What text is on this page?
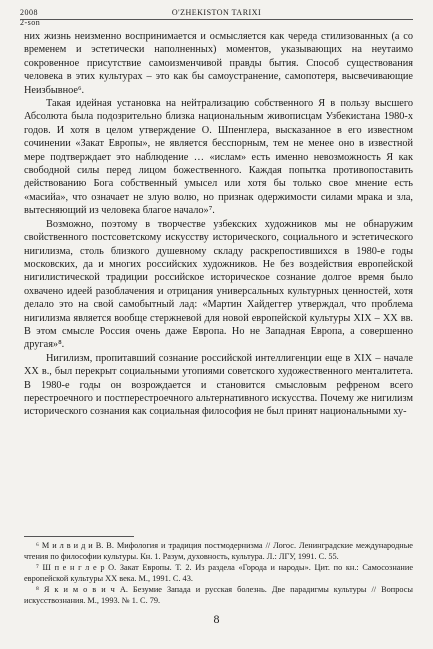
2008
2-son
O'ZHEKISTON TARIXI

них жизнь неизменно воспринимается и осмысляется как череда стилизованных (а со временем и эстетически наполненных) моментов, указывающих на неутаимо сокровенное присутствие самоизменчивой правды бытия. Способ существования человека в этих культурах – это как бы самоустранение, самопотеря, высвечивающие Неизбывное⁶.

Такая идейная установка на нейтрализацию собственного Я в пользу высшего Абсолюта была подозрительно близка национальным живописцам Узбекистана 1980-х годов. И хотя в целом утверждение О. Шпенглера, высказанное в его известном сочинении «Закат Европы», не является бесспорным, тем не менее оно в известной мере подтверждает это наблюдение … «ислам» есть именно невозможность Я как свободной силы перед лицом божественного. Каждая попытка противопоставить действованию Бога собственный умысел или хотя бы только свое мнение есть «масийа», что означает не злую волю, но признак одержимости силами мрака и зла, вытесняющий из человека благое начало»⁷.

Возможно, поэтому в творчестве узбекских художников мы не обнаружим свойственного постсоветскому искусству исторического, социального и эстетического нигилизма, столь близкого душевному складу раскрепостившихся в 1980-е годы московских, да и многих российских художников. Не без воздействия европейской нигилистической традиции российское историческое сознание долгое время было охвачено идеей разоблачения и отрицания универсальных культурных ценностей, хотя делало это на свой самобытный лад: «Мартин Хайдеггер утверждал, что проблема нигилизма является вообще стержневой для новой европейской культуры XIX – XX вв. В этом смысле Россия очень даже Европа. Но не Западная Европа, а совершенно другая»⁸.

Нигилизм, пропитавший сознание российской интеллигенции еще в XIX – начале XX в., был перекрыт социальными утопиями советского художественного менталитета. В 1980-е годы он возрождается и становится смысловым рефреном всего перестроечного и постперестроечного альтернативного искусства. Почему же нигилизм исторического сознания как социальная философия не был принят национальными ху-

⁶ М и л в и д и В. В. Мифология и традиция постмодернизма // Логос. Ленинградские международные чтения по философии культуры. Кн. 1. Разум, духовность, культура. Л.: ЛГУ, 1991. С. 55.

⁷ Ш п е н г л е р О. Закат Европы. Т. 2. Из раздела «Города и народы». Цит. по кн.: Самосознание европейской культуры XX века. М., 1991. С. 43.

⁸ Я к и м о в и ч А. Безумие Запада и русская болезнь. Две парадигмы культуры // Вопросы искусствознания. М., 1993. № 1. С. 79.

8
